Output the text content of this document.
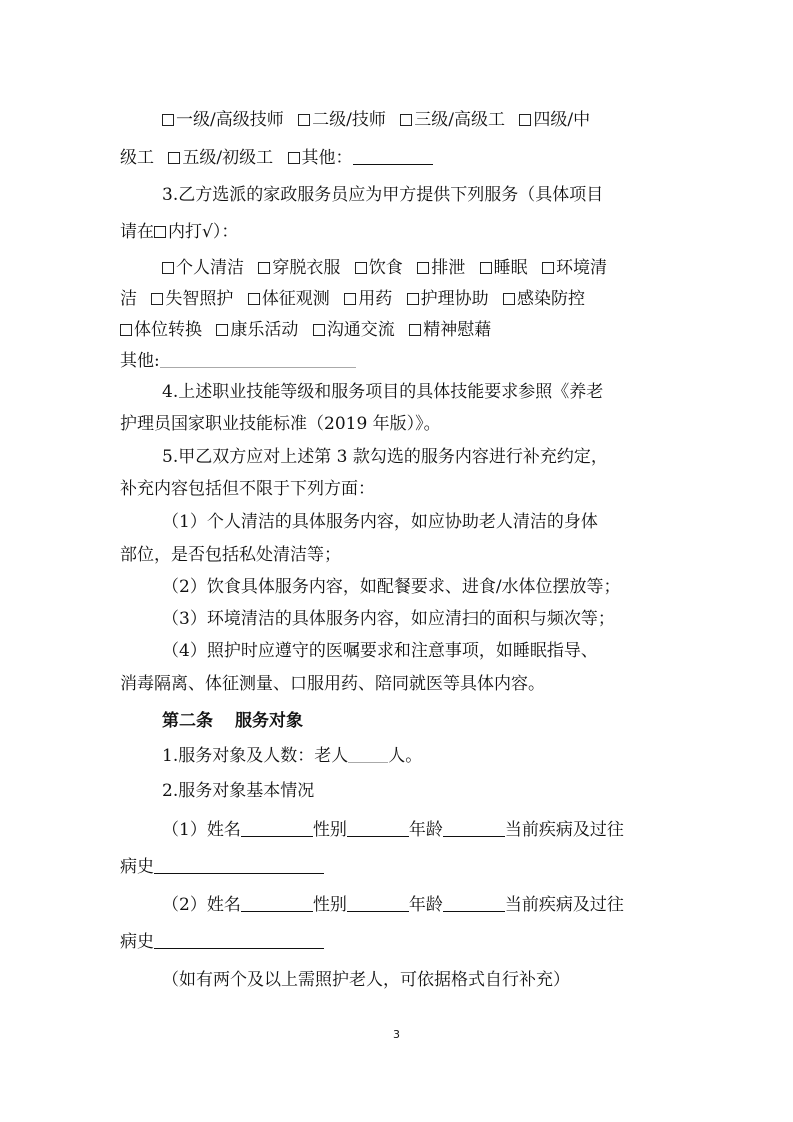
一级/高级技师 二级/技师 三级/高级工 四级/中
级工 五级/初级工 其他：
3.乙方选派的家政服务员应为甲方提供下列服务（具体项目
请在 内打√）：
个人清洁 穿脱衣服 饮食 排泄 睡眠 环境清
洁 失智照护 体征观测 用药 护理协助 感染防控
体位转换 康乐活动 沟通交流 精神慰藉
其他:
4.上述职业技能等级和服务项目的具体技能要求参照《养老
护理员国家职业技能标准（2019 年版）》。
5.甲乙双方应对上述第 3 款勾选的服务内容进行补充约定，
补充内容包括但不限于下列方面：
（1）个人清洁的具体服务内容，如应协助老人清洁的身体
部位，是否包括私处清洁等；
（2）饮食具体服务内容，如配餐要求、进食/水体位摆放等；
（3）环境清洁的具体服务内容，如应清扫的面积与频次等；
（4）照护时应遵守的医嘱要求和注意事项，如睡眠指导、
消毒隔离、体征测量、口服用药、陪同就医等具体内容。
第二条 服务对象
1.服务对象及人数：老人 人。
2.服务对象基本情况
（1）姓名	性别	年龄	当前疾病及过往
病史
（2）姓名	性别	年龄	当前疾病及过往
病史
（如有两个及以上需照护老人，可依据格式自行补充）
3
